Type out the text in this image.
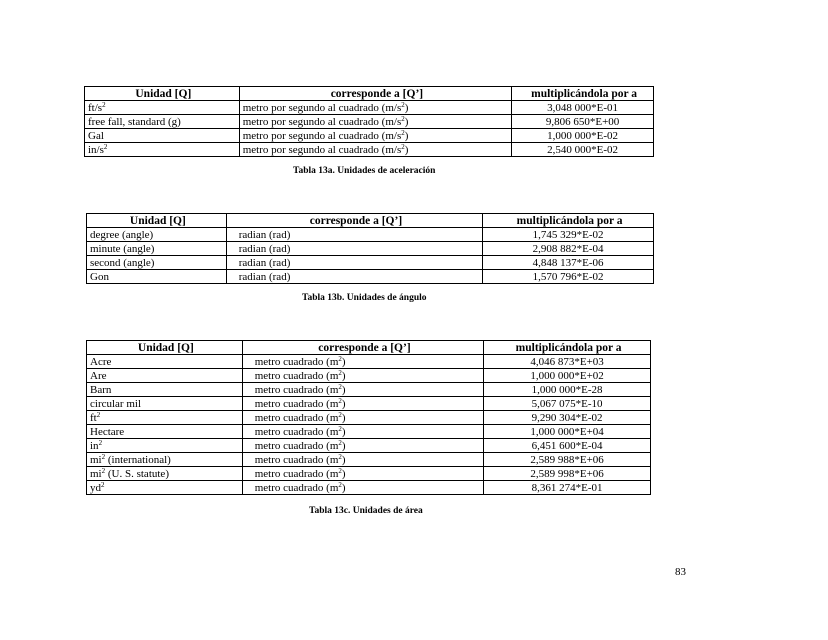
Unidad [Q]	corresponde a [Q’]	multiplicándola por a
$ft/s^2$	metro por segundo al cuadrado $(m/s^2)$	3,048 000*E-01
free fall, standard (g)	metro por segundo al cuadrado $(m/s^2)$	9,806 650*E+00
Gal	metro por segundo al cuadrado $(m/s^2)$	1,000 000*E-02
$in/s^2$	metro por segundo al cuadrado $(m/s^2)$	2,540 000*E-02
Tabla 13a. Unidades de aceleración
Unidad [Q]	corresponde a [Q’]	multiplicándola por a
degree (angle)	radian (rad)	1,745 329*E-02
minute (angle)	radian (rad)	2,908 882*E-04
second (angle)	radian (rad)	4,848 137*E-06
Gon	radian (rad)	1,570 796*E-02
Tabla 13b. Unidades de ángulo
Unidad [Q]	corresponde a [Q’]	multiplicándola por a
Acre	metro cuadrado $(m^2)$	4,046 873*E+03
Are	metro cuadrado $(m^2)$	1,000 000*E+02
Barn	metro cuadrado $(m^2)$	1,000 000*E-28
circular mil	metro cuadrado $(m^2)$	5,067 075*E-10
$ft^2$	metro cuadrado $(m^2)$	9,290 304*E-02
Hectare	metro cuadrado $(m^2)$	1,000 000*E+04
$in^2$	metro cuadrado $(m^2)$	6,451 600*E-04
$mi^2$ (international)	metro cuadrado $(m^2)$	2,589 988*E+06
$mi^2$ (U. S. statute)	metro cuadrado $(m^2)$	2,589 998*E+06
$yd^2$	metro cuadrado $(m^2)$	8,361 274*E-01
Tabla 13c. Unidades de área
83
